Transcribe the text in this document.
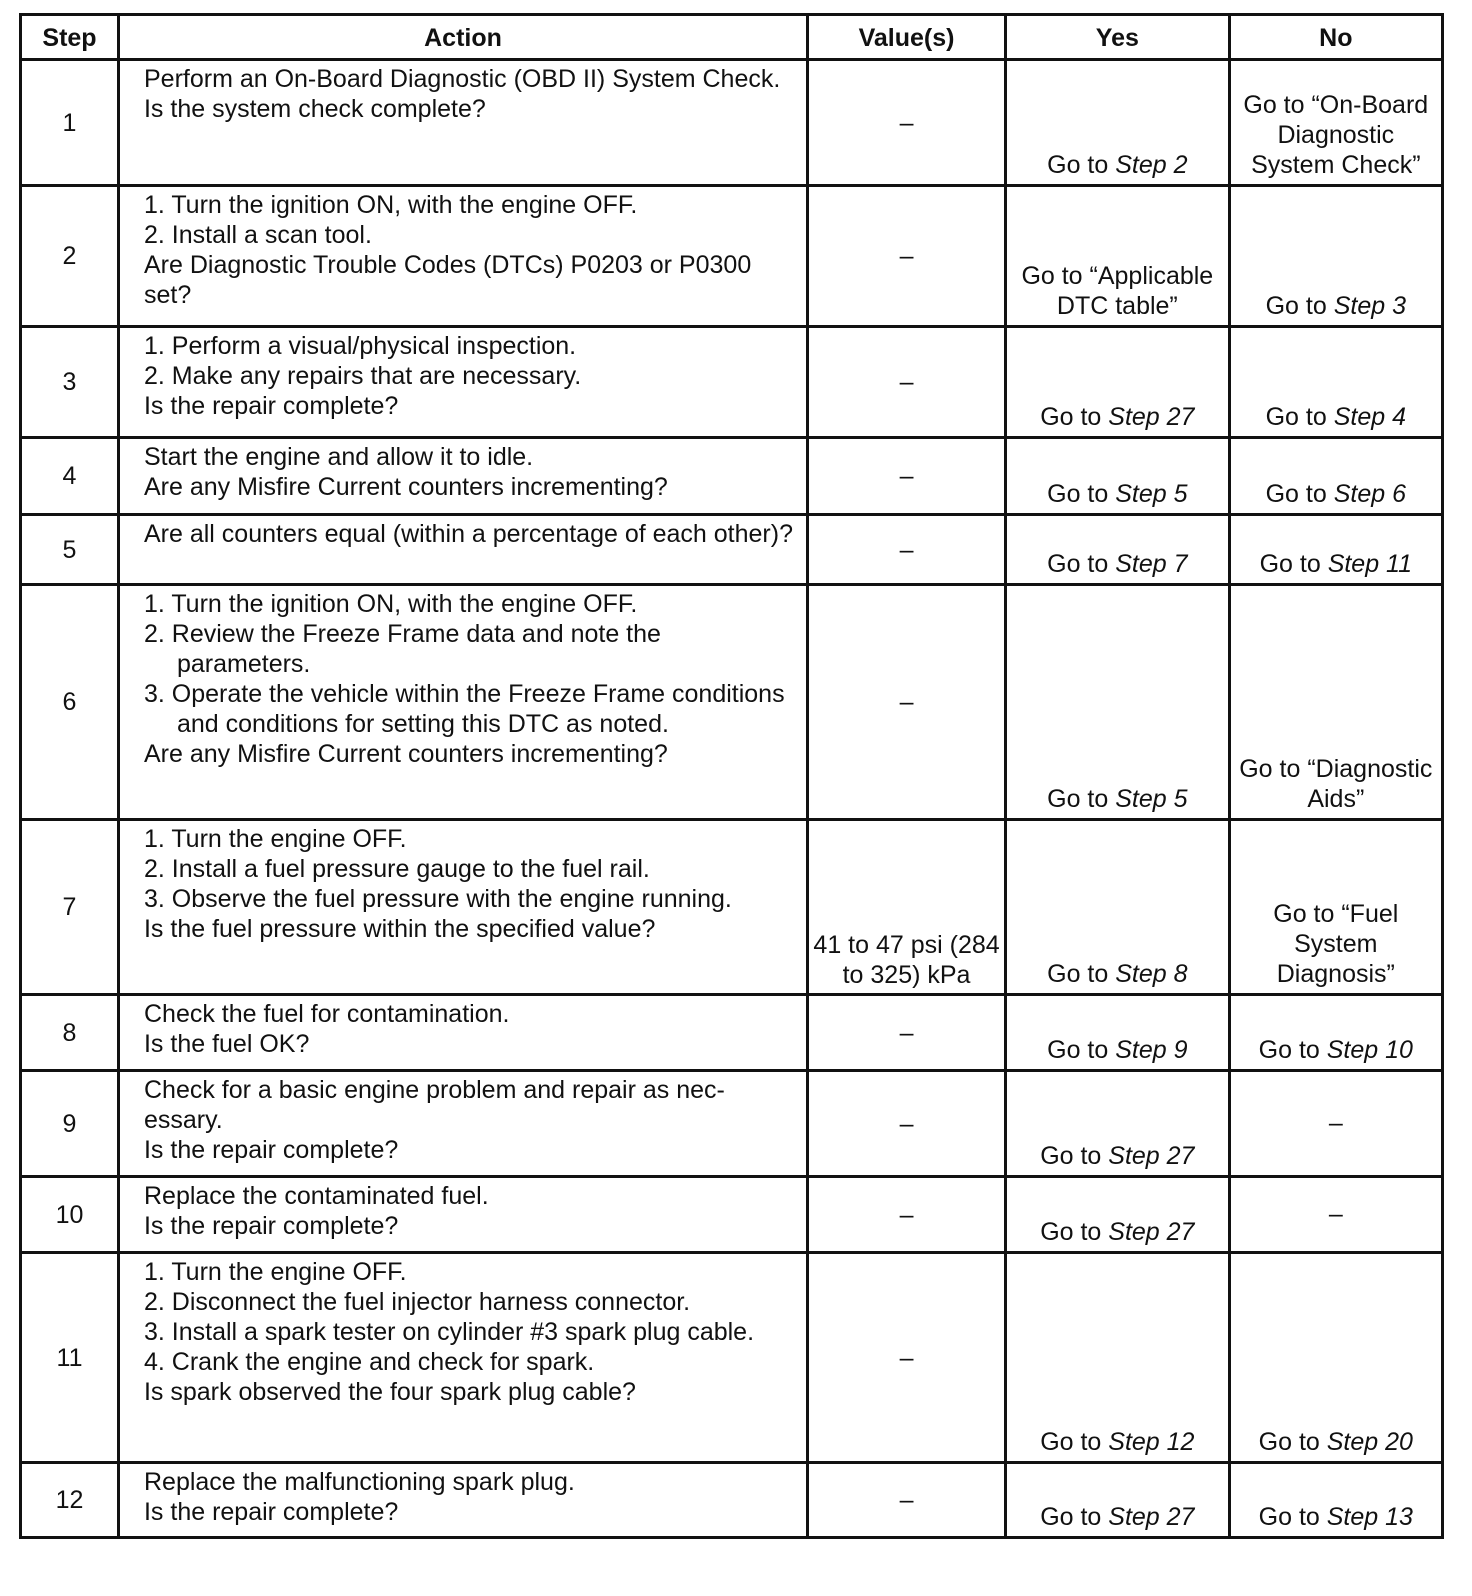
Step	Action	Value(s)	Yes	No
1	Perform an On-Board Diagnostic (OBD II) System Check.
Is the system check complete?	–	Go to Step 2	Go to “On-Board Diagnostic System Check”
2	1. Turn the ignition ON, with the engine OFF.
2. Install a scan tool.
Are Diagnostic Trouble Codes (DTCs) P0203 or P0300 set?	–	Go to “Applicable DTC table”	Go to Step 3
3	1. Perform a visual/physical inspection.
2. Make any repairs that are necessary.
Is the repair complete?	–	Go to Step 27	Go to Step 4
4	Start the engine and allow it to idle.
Are any Misfire Current counters incrementing?	–	Go to Step 5	Go to Step 6
5	Are all counters equal (within a percentage of each other)?	–	Go to Step 7	Go to Step 11
6	1. Turn the ignition ON, with the engine OFF.
2. Review the Freeze Frame data and note the parameters.
3. Operate the vehicle within the Freeze Frame conditions and conditions for setting this DTC as noted.
Are any Misfire Current counters incrementing?	–	Go to Step 5	Go to “Diagnostic Aids”
7	1. Turn the engine OFF.
2. Install a fuel pressure gauge to the fuel rail.
3. Observe the fuel pressure with the engine running.
Is the fuel pressure within the specified value?	41 to 47 psi (284 to 325) kPa	Go to Step 8	Go to “Fuel System Diagnosis”
8	Check the fuel for contamination.
Is the fuel OK?	–	Go to Step 9	Go to Step 10
9	Check for a basic engine problem and repair as nec-essary.
Is the repair complete?	–	Go to Step 27	–
10	Replace the contaminated fuel.
Is the repair complete?	–	Go to Step 27	–
11	1. Turn the engine OFF.
2. Disconnect the fuel injector harness connector.
3. Install a spark tester on cylinder #3 spark plug cable.
4. Crank the engine and check for spark.
Is spark observed the four spark plug cable?	–	Go to Step 12	Go to Step 20
12	Replace the malfunctioning spark plug.
Is the repair complete?	–	Go to Step 27	Go to Step 13
